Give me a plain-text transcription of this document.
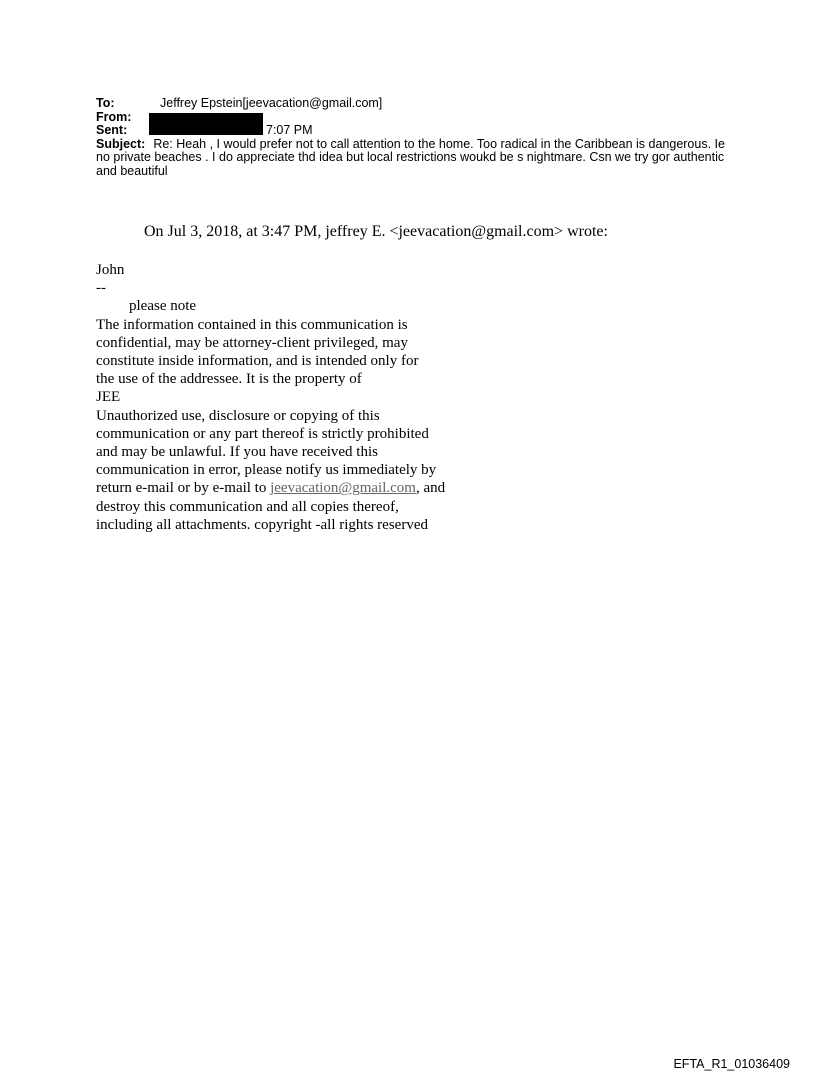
To:	Jeffrey Epstein[jeevacation@gmail.com]
From:
Sent:	7:07 PM
Subject: Re: Heah , I would prefer not to call attention to the home. Too radical in the Caribbean is dangerous. Ie no private beaches . I do appreciate thd idea but local restrictions woukd be s nightmare. Csn we try gor authentic and beautiful
On Jul 3, 2018, at 3:47 PM, jeffrey E. <jeevacation@gmail.com> wrote:
John
--
please note
The information contained in this communication is
confidential, may be attorney-client privileged, may
constitute inside information, and is intended only for
the use of the addressee. It is the property of
JEE
Unauthorized use, disclosure or copying of this
communication or any part thereof is strictly prohibited
and may be unlawful. If you have received this
communication in error, please notify us immediately by
return e-mail or by e-mail to jeevacation@gmail.com, and
destroy this communication and all copies thereof,
including all attachments. copyright -all rights reserved
EFTA_R1_01036409
